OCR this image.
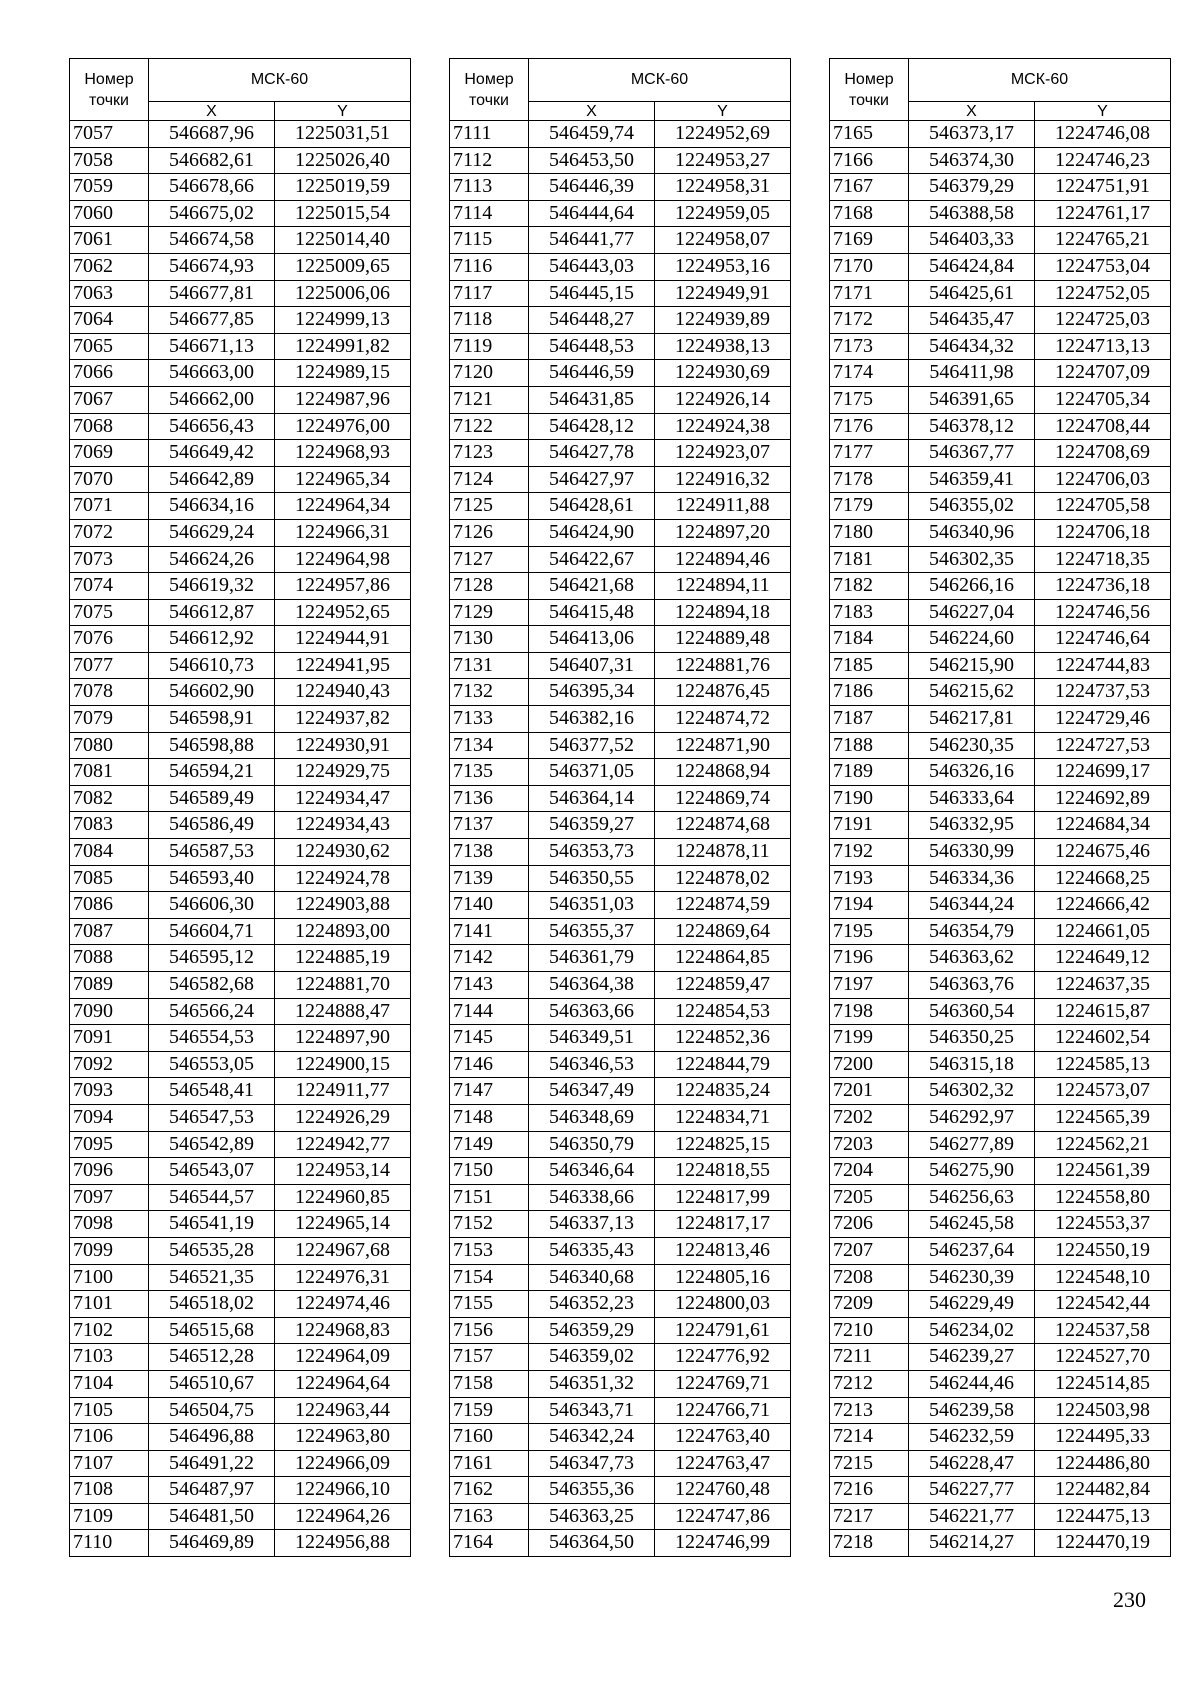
Номер
точки	МСК-60	
	X	Y
7057	546687,96	1225031,51
7058	546682,61	1225026,40
7059	546678,66	1225019,59
7060	546675,02	1225015,54
7061	546674,58	1225014,40
7062	546674,93	1225009,65
7063	546677,81	1225006,06
7064	546677,85	1224999,13
7065	546671,13	1224991,82
7066	546663,00	1224989,15
7067	546662,00	1224987,96
7068	546656,43	1224976,00
7069	546649,42	1224968,93
7070	546642,89	1224965,34
7071	546634,16	1224964,34
7072	546629,24	1224966,31
7073	546624,26	1224964,98
7074	546619,32	1224957,86
7075	546612,87	1224952,65
7076	546612,92	1224944,91
7077	546610,73	1224941,95
7078	546602,90	1224940,43
7079	546598,91	1224937,82
7080	546598,88	1224930,91
7081	546594,21	1224929,75
7082	546589,49	1224934,47
7083	546586,49	1224934,43
7084	546587,53	1224930,62
7085	546593,40	1224924,78
7086	546606,30	1224903,88
7087	546604,71	1224893,00
7088	546595,12	1224885,19
7089	546582,68	1224881,70
7090	546566,24	1224888,47
7091	546554,53	1224897,90
7092	546553,05	1224900,15
7093	546548,41	1224911,77
7094	546547,53	1224926,29
7095	546542,89	1224942,77
7096	546543,07	1224953,14
7097	546544,57	1224960,85
7098	546541,19	1224965,14
7099	546535,28	1224967,68
7100	546521,35	1224976,31
7101	546518,02	1224974,46
7102	546515,68	1224968,83
7103	546512,28	1224964,09
7104	546510,67	1224964,64
7105	546504,75	1224963,44
7106	546496,88	1224963,80
7107	546491,22	1224966,09
7108	546487,97	1224966,10
7109	546481,50	1224964,26
7110	546469,89	1224956,88
Номер
точки	МСК-60	
	X	Y
7111	546459,74	1224952,69
7112	546453,50	1224953,27
7113	546446,39	1224958,31
7114	546444,64	1224959,05
7115	546441,77	1224958,07
7116	546443,03	1224953,16
7117	546445,15	1224949,91
7118	546448,27	1224939,89
7119	546448,53	1224938,13
7120	546446,59	1224930,69
7121	546431,85	1224926,14
7122	546428,12	1224924,38
7123	546427,78	1224923,07
7124	546427,97	1224916,32
7125	546428,61	1224911,88
7126	546424,90	1224897,20
7127	546422,67	1224894,46
7128	546421,68	1224894,11
7129	546415,48	1224894,18
7130	546413,06	1224889,48
7131	546407,31	1224881,76
7132	546395,34	1224876,45
7133	546382,16	1224874,72
7134	546377,52	1224871,90
7135	546371,05	1224868,94
7136	546364,14	1224869,74
7137	546359,27	1224874,68
7138	546353,73	1224878,11
7139	546350,55	1224878,02
7140	546351,03	1224874,59
7141	546355,37	1224869,64
7142	546361,79	1224864,85
7143	546364,38	1224859,47
7144	546363,66	1224854,53
7145	546349,51	1224852,36
7146	546346,53	1224844,79
7147	546347,49	1224835,24
7148	546348,69	1224834,71
7149	546350,79	1224825,15
7150	546346,64	1224818,55
7151	546338,66	1224817,99
7152	546337,13	1224817,17
7153	546335,43	1224813,46
7154	546340,68	1224805,16
7155	546352,23	1224800,03
7156	546359,29	1224791,61
7157	546359,02	1224776,92
7158	546351,32	1224769,71
7159	546343,71	1224766,71
7160	546342,24	1224763,40
7161	546347,73	1224763,47
7162	546355,36	1224760,48
7163	546363,25	1224747,86
7164	546364,50	1224746,99
Номер
точки	МСК-60	
	X	Y
7165	546373,17	1224746,08
7166	546374,30	1224746,23
7167	546379,29	1224751,91
7168	546388,58	1224761,17
7169	546403,33	1224765,21
7170	546424,84	1224753,04
7171	546425,61	1224752,05
7172	546435,47	1224725,03
7173	546434,32	1224713,13
7174	546411,98	1224707,09
7175	546391,65	1224705,34
7176	546378,12	1224708,44
7177	546367,77	1224708,69
7178	546359,41	1224706,03
7179	546355,02	1224705,58
7180	546340,96	1224706,18
7181	546302,35	1224718,35
7182	546266,16	1224736,18
7183	546227,04	1224746,56
7184	546224,60	1224746,64
7185	546215,90	1224744,83
7186	546215,62	1224737,53
7187	546217,81	1224729,46
7188	546230,35	1224727,53
7189	546326,16	1224699,17
7190	546333,64	1224692,89
7191	546332,95	1224684,34
7192	546330,99	1224675,46
7193	546334,36	1224668,25
7194	546344,24	1224666,42
7195	546354,79	1224661,05
7196	546363,62	1224649,12
7197	546363,76	1224637,35
7198	546360,54	1224615,87
7199	546350,25	1224602,54
7200	546315,18	1224585,13
7201	546302,32	1224573,07
7202	546292,97	1224565,39
7203	546277,89	1224562,21
7204	546275,90	1224561,39
7205	546256,63	1224558,80
7206	546245,58	1224553,37
7207	546237,64	1224550,19
7208	546230,39	1224548,10
7209	546229,49	1224542,44
7210	546234,02	1224537,58
7211	546239,27	1224527,70
7212	546244,46	1224514,85
7213	546239,58	1224503,98
7214	546232,59	1224495,33
7215	546228,47	1224486,80
7216	546227,77	1224482,84
7217	546221,77	1224475,13
7218	546214,27	1224470,19
230
